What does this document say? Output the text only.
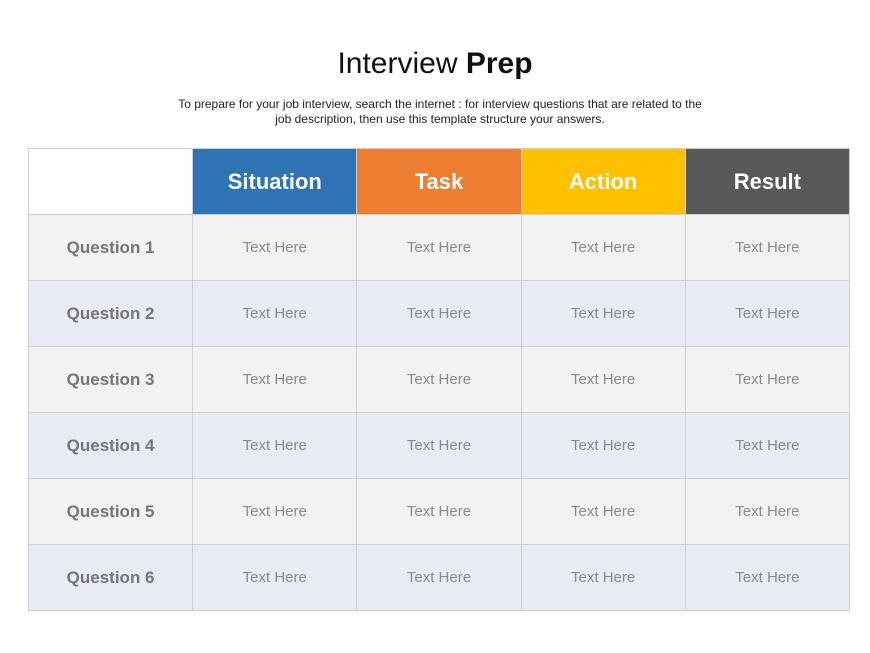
Interview Prep
To prepare for your job interview, search the internet : for interview questions that are related to the
job description, then use this template structure your answers.
	Situation	Task	Action	Result
Question 1	Text Here	Text Here	Text Here	Text Here
Question 2	Text Here	Text Here	Text Here	Text Here
Question 3	Text Here	Text Here	Text Here	Text Here
Question 4	Text Here	Text Here	Text Here	Text Here
Question 5	Text Here	Text Here	Text Here	Text Here
Question 6	Text Here	Text Here	Text Here	Text Here
